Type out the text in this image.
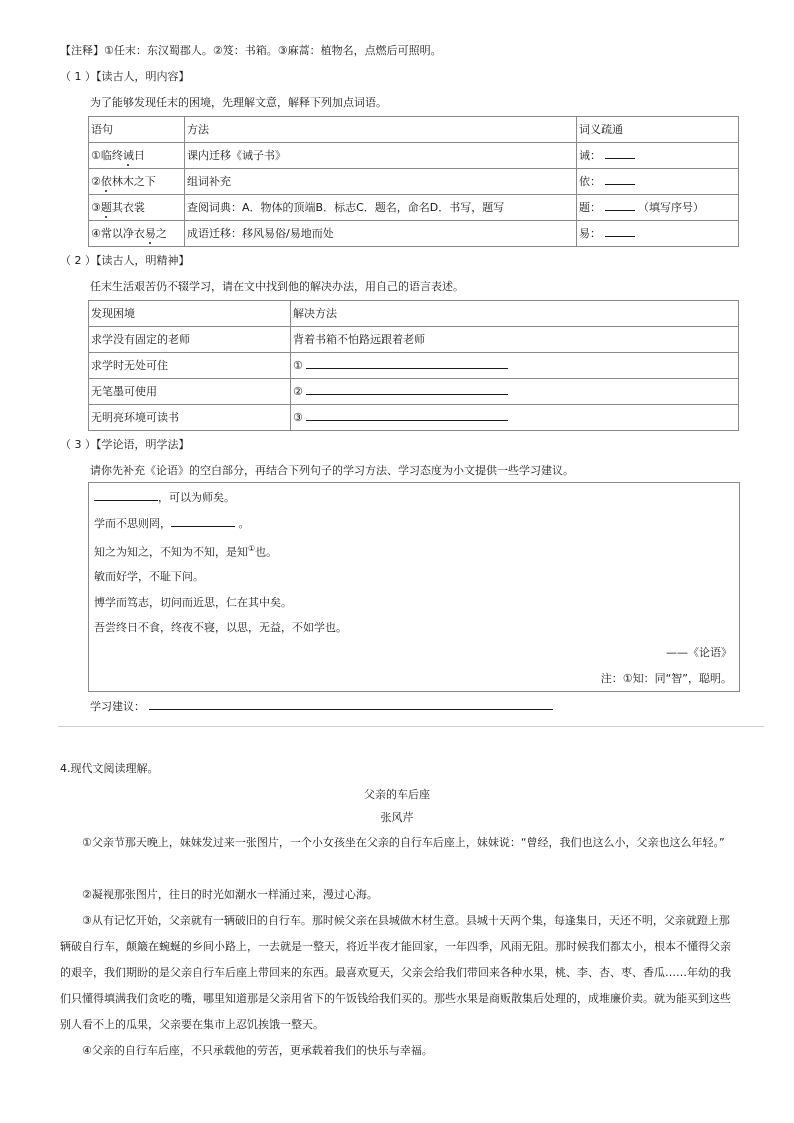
【注释】①任末：东汉蜀郡人。②笈：书箱。③麻蒿：植物名，点燃后可照明。
（ 1 ）【读古人，明内容】
为了能够发现任末的困境，先理解文意，解释下列加点词语。
语句	方法	词义疏通
①临终诫日	课内迁移《诫子书》	诫：
②依林木之下	组词补充	依：
③题其衣裳	查阅词典：A．物体的顶端B．标志C．题名，命名D．书写，题写	题： （填写序号）
④常以净衣易之	成语迁移：移风易俗/易地而处	易：
（ 2 ）【读古人，明精神】
任末生活艰苦仍不辍学习，请在文中找到他的解决办法，用自己的语言表述。
发现困境	解决方法
求学没有固定的老师	背着书箱不怕路远跟着老师
求学时无处可住	①
无笔墨可使用	②
无明亮环境可读书	③
（ 3 ）【学论语，明学法】
请你先补充《论语》的空白部分，再结合下列句子的学习方法、学习态度为小文提供一些学习建议。
，可以为师矣。
学而不思则罔，	。
知之为知之，不知为不知，是知①也。
敏而好学，不耻下问。
博学而笃志，切问而近思，仁在其中矣。
吾尝终日不食，终夜不寝，以思，无益，不如学也。
——《论语》
注：①知：同“智”，聪明。
学习建议：
4.现代文阅读理解。
父亲的车后座
张风芹
①父亲节那天晚上，妹妹发过来一张图片，一个小女孩坐在父亲的自行车后座上，妹妹说：“曾经，我们也这么小，父亲也这么年轻。”
②凝视那张图片，往日的时光如潮水一样涌过来，漫过心海。
③从有记忆开始，父亲就有一辆破旧的自行车。那时候父亲在县城做木材生意。县城十天两个集，每逢集日，天还不明，父亲就蹬上那辆破自行车，颠簸在蜿蜒的乡间小路上，一去就是一整天，将近半夜才能回家，一年四季，风雨无阻。那时候我们都太小，根本不懂得父亲的艰辛，我们期盼的是父亲自行车后座上带回来的东西。最喜欢夏天，父亲会给我们带回来各种水果，桃、李、杏、枣、香瓜……年幼的我们只懂得填满我们贪吃的嘴，哪里知道那是父亲用省下的午饭钱给我们买的。那些水果是商贩散集后处理的，成堆廉价卖。就为能买到这些别人看不上的瓜果，父亲要在集市上忍饥挨饿一整天。
④父亲的自行车后座，不只承载他的劳苦，更承载着我们的快乐与幸福。
